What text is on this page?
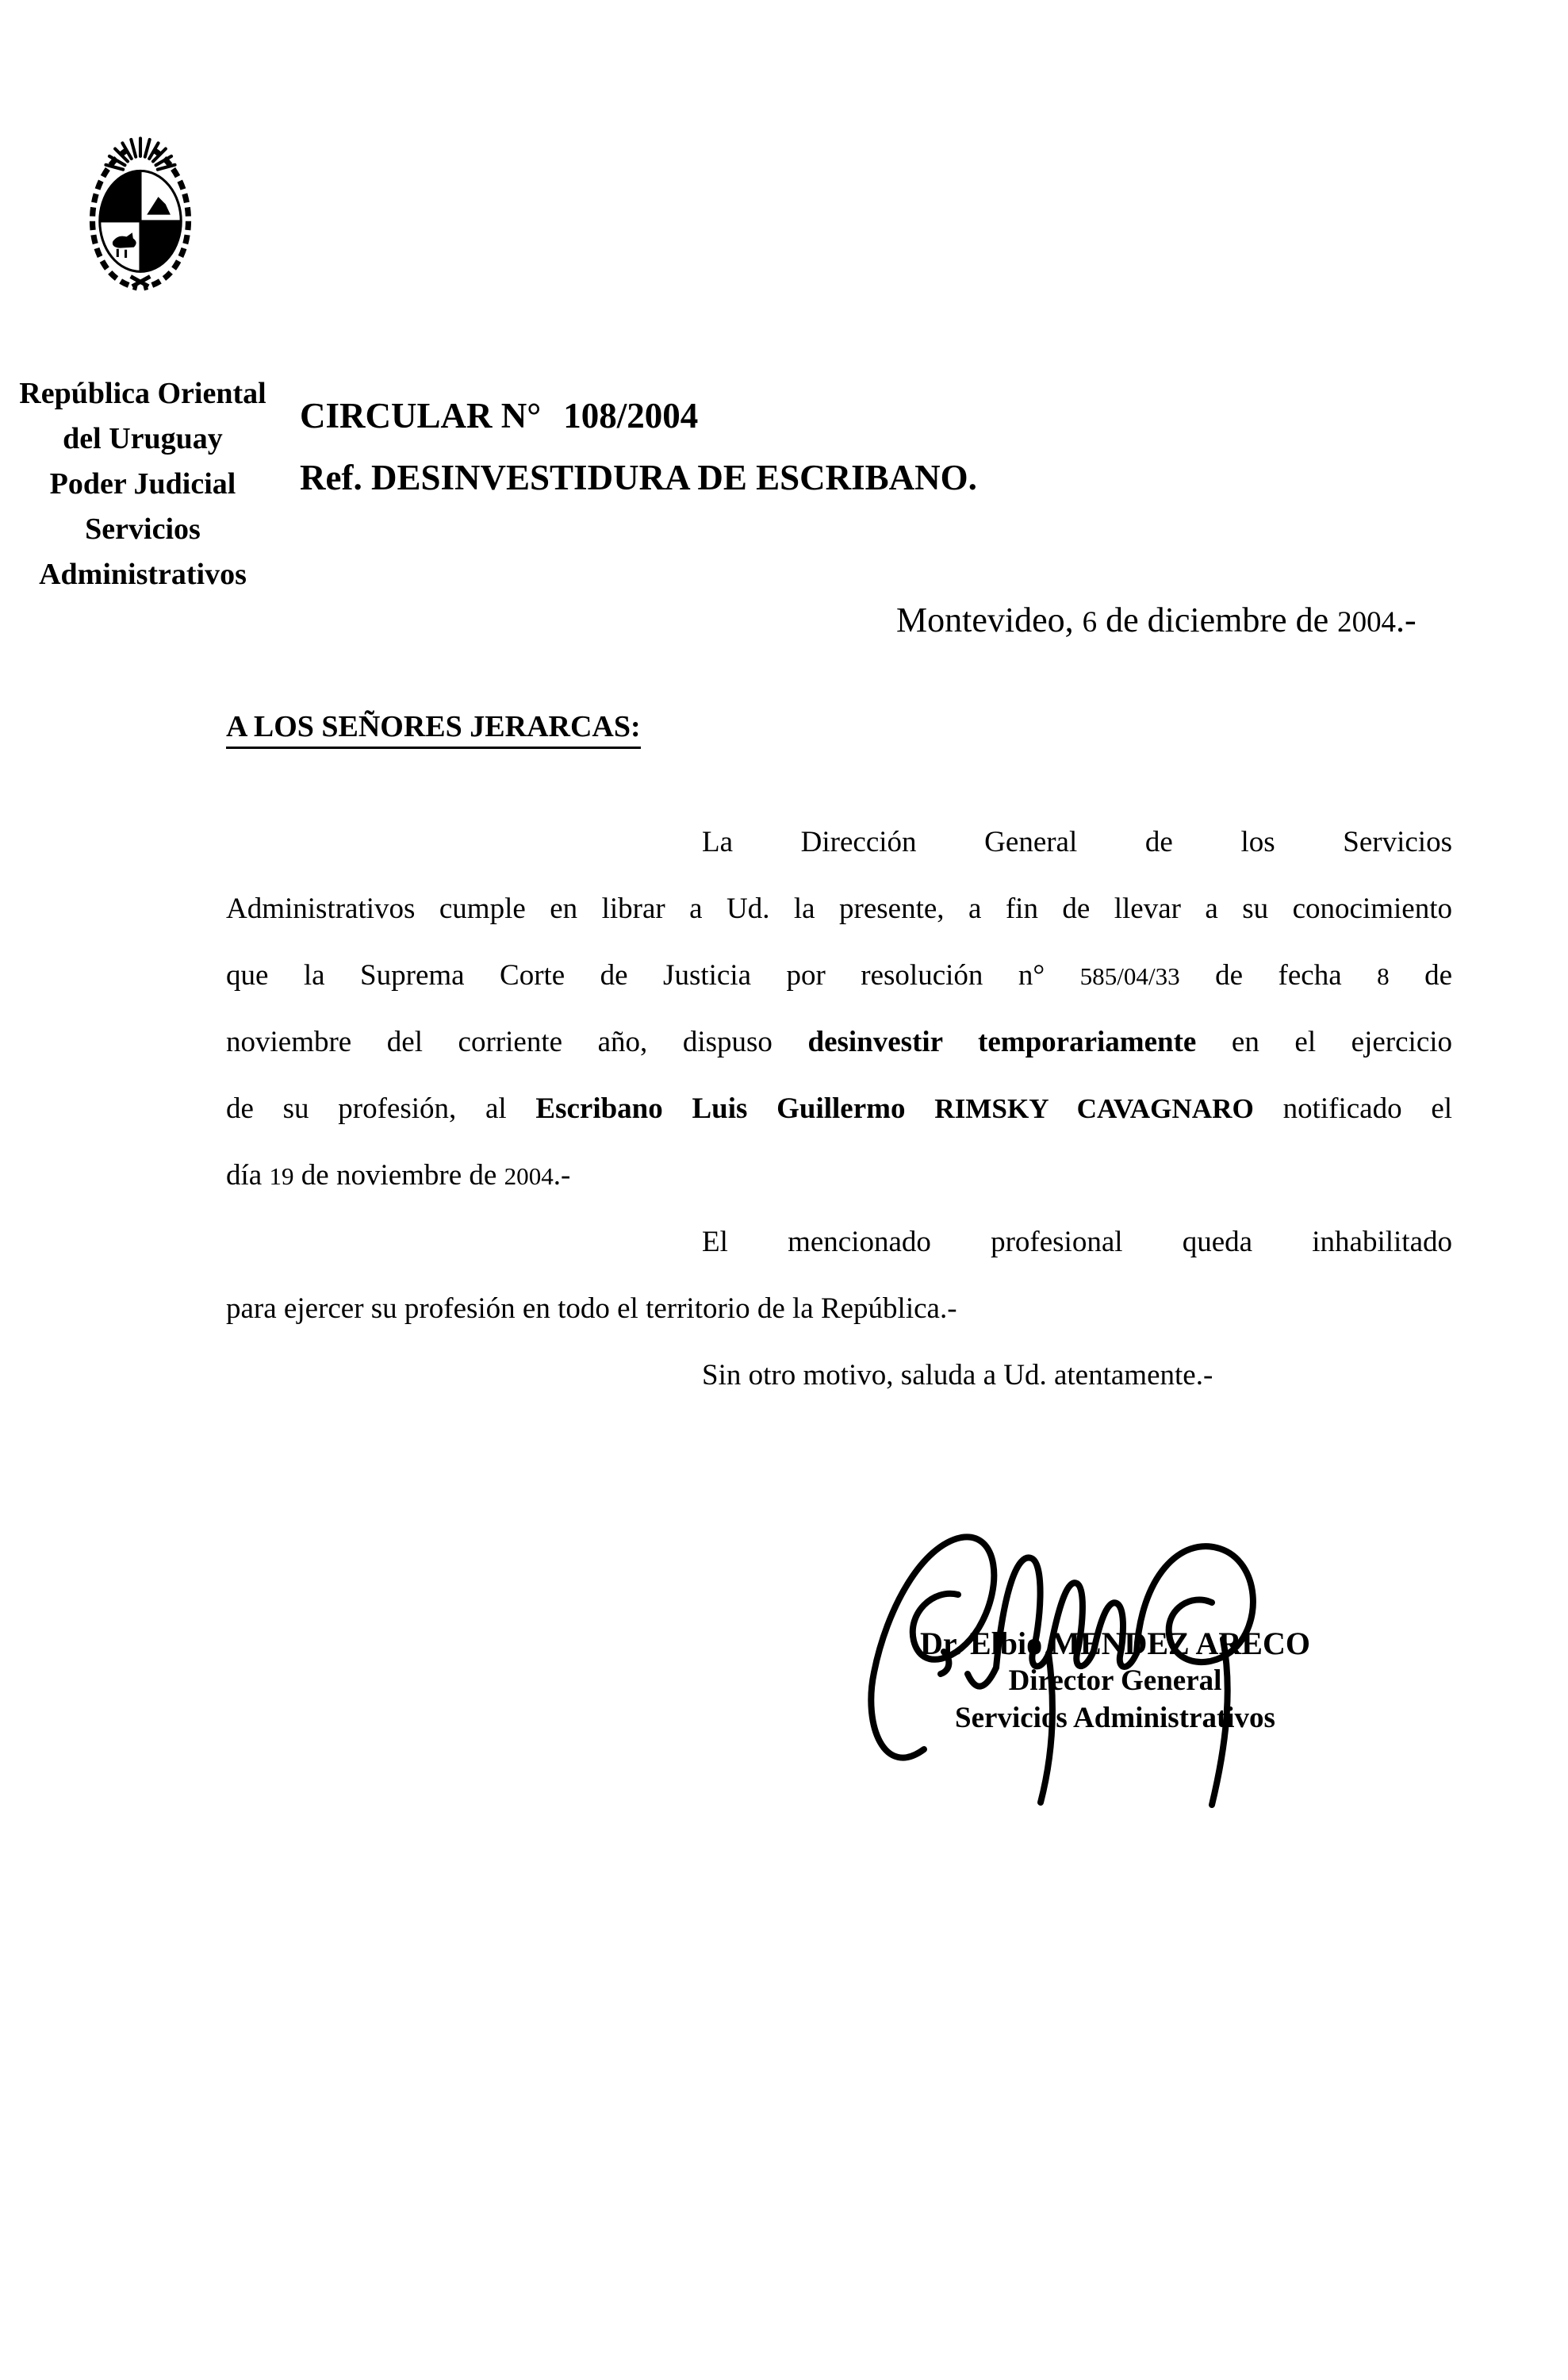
República Oriental
del Uruguay
Poder Judicial
Servicios
Administrativos
CIRCULAR N° 108/2004
Ref. DESINVESTIDURA DE ESCRIBANO.
Montevideo, 6 de diciembre de 2004.-
A LOS SEÑORES JERARCAS:
La Dirección General de los Servicios
Administrativos cumple en librar a Ud. la presente, a fin de llevar a su conocimiento
que la Suprema Corte de Justicia por resolución n° 585/04/33 de fecha 8 de
noviembre del corriente año, dispuso desinvestir temporariamente en el ejercicio
de su profesión, al Escribano Luis Guillermo RIMSKY CAVAGNARO notificado el
día 19 de noviembre de 2004.-
El mencionado profesional queda inhabilitado
para ejercer su profesión en todo el territorio de la República.-
Sin otro motivo, saluda a Ud. atentamente.-
Dr. Elbio MENDEZ ARECO
Director General
Servicios Administrativos
